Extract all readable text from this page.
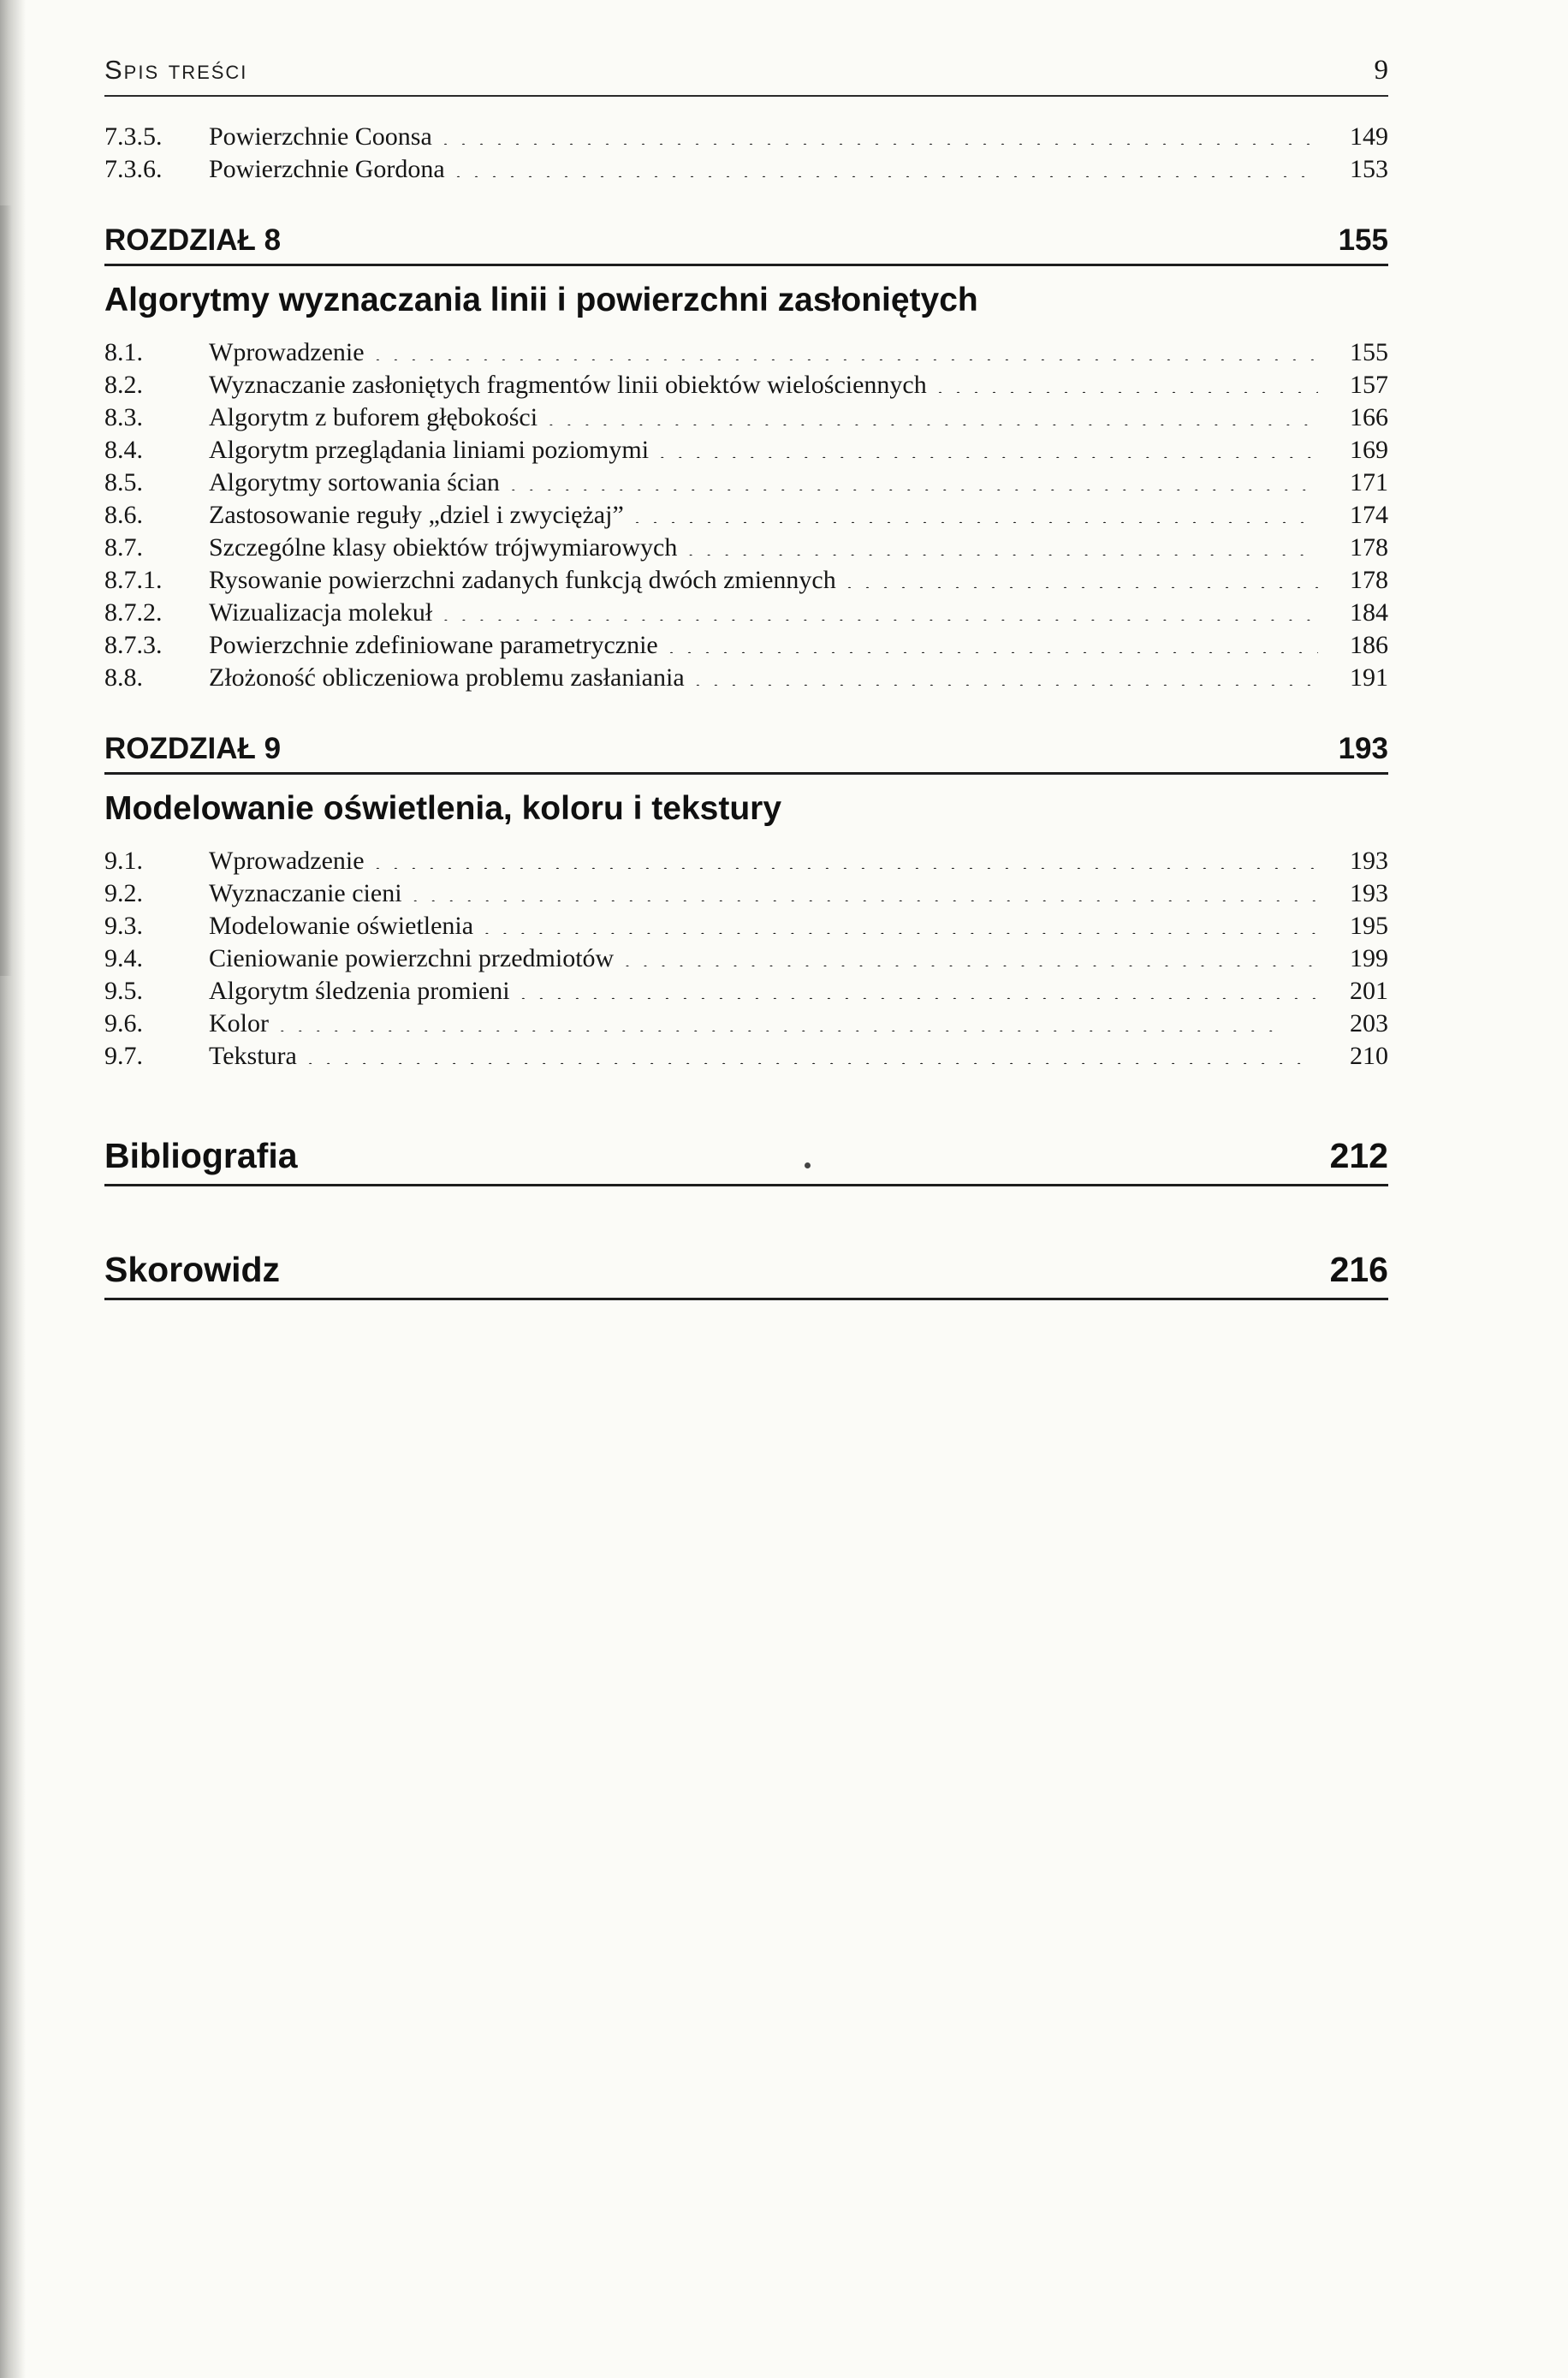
Spis treści	9
7.3.5.	Powierzchnie Coonsa . .	149
7.3.6.	Powierzchnie Gordona . .	153
ROZDZIAŁ 8	155
Algorytmy wyznaczania linii i powierzchni zasłoniętych
8.1.	Wprowadzenie . .	155
8.2.	Wyznaczanie zasłoniętych fragmentów linii obiektów wielościennych . .	157
8.3.	Algorytm z buforem głębokości . .	166
8.4.	Algorytm przeglądania liniami poziomymi . .	169
8.5.	Algorytmy sortowania ścian . .	171
8.6.	Zastosowanie reguły „dziel i zwyciężaj” . .	174
8.7.	Szczególne klasy obiektów trójwymiarowych . .	178
8.7.1.	Rysowanie powierzchni zadanych funkcją dwóch zmiennych . .	178
8.7.2.	Wizualizacja molekuł . .	184
8.7.3.	Powierzchnie zdefiniowane parametrycznie . .	186
8.8.	Złożoność obliczeniowa problemu zasłaniania . .	191
ROZDZIAŁ 9	193
Modelowanie oświetlenia, koloru i tekstury
9.1.	Wprowadzenie . .	193
9.2.	Wyznaczanie cieni . .	193
9.3.	Modelowanie oświetlenia . .	195
9.4.	Cieniowanie powierzchni przedmiotów . .	199
9.5.	Algorytm śledzenia promieni . .	201
9.6.	Kolor . .	203
9.7.	Tekstura . .	210
Bibliografia	212
Skorowidz	216
